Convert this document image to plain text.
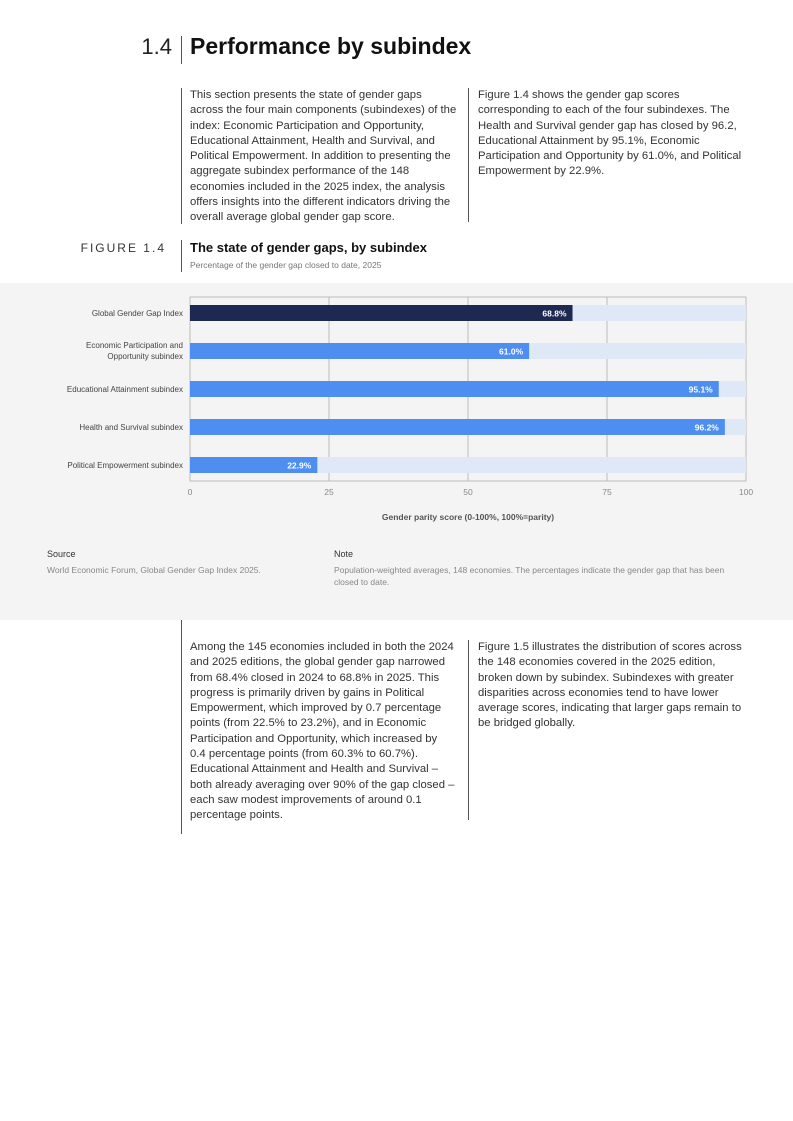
1.4 Performance by subindex

This section presents the state of gender gaps across the four main components (subindexes) of the index: Economic Participation and Opportunity, Educational Attainment, Health and Survival, and Political Empowerment. In addition to presenting the aggregate subindex performance of the 148 economies included in the 2025 index, the analysis offers insights into the different indicators driving the overall average global gender gap score.

Figure 1.4 shows the gender gap scores corresponding to each of the four subindexes. The Health and Survival gender gap has closed by 96.2, Educational Attainment by 95.1%, Economic Participation and Opportunity by 61.0%, and Political Empowerment by 22.9%.

FIGURE 1.4 The state of gender gaps, by subindex
Percentage of the gender gap closed to date, 2025
Global Gender Gap Index
Economic Participation and
Opportunity subindex
Educational Attainment subindex
Health and Survival subindex
Political Empowerment subindex
0	25	50	75	100
68.8%
61.0%
95.1%
96.2%
22.9%
Gender parity score (0-100%, 100%=parity)
Source
World Economic Forum, Global Gender Gap Index 2025.
Note
Population-weighted averages, 148 economies. The percentages indicate the gender gap that has been closed to date.

Among the 145 economies included in both the 2024 and 2025 editions, the global gender gap narrowed from 68.4% closed in 2024 to 68.8% in 2025. This progress is primarily driven by gains in Political Empowerment, which improved by 0.7 percentage points (from 22.5% to 23.2%), and in Economic Participation and Opportunity, which increased by 0.4 percentage points (from 60.3% to 60.7%). Educational Attainment and Health and Survival – both already averaging over 90% of the gap closed – each saw modest improvements of around 0.1 percentage points.

Figure 1.5 illustrates the distribution of scores across the 148 economies covered in the 2025 edition, broken down by subindex. Subindexes with greater disparities across economies tend to have lower average scores, indicating that larger gaps remain to be bridged globally.
